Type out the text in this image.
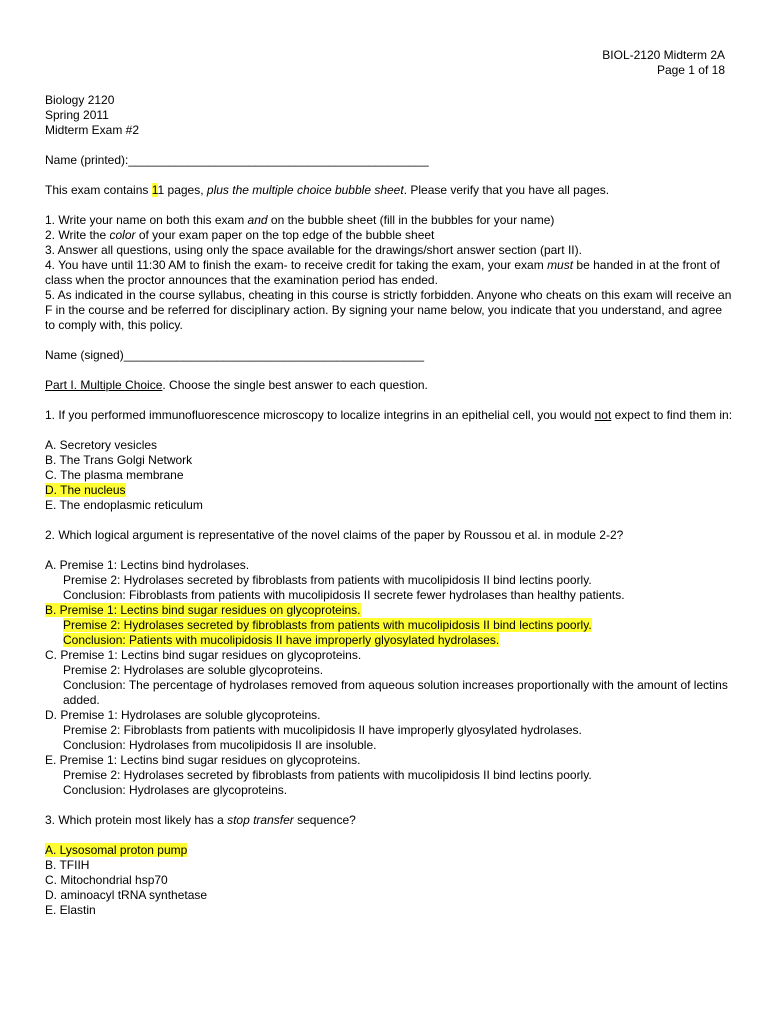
BIOL-2120 Midterm 2A
Page 1 of 18
Biology 2120
Spring 2011
Midterm Exam #2
Name (printed):_____________________________________________
This exam contains 11 pages, plus the multiple choice bubble sheet. Please verify that you have all pages.
1. Write your name on both this exam and on the bubble sheet (fill in the bubbles for your name)
2. Write the color of your exam paper on the top edge of the bubble sheet
3. Answer all questions, using only the space available for the drawings/short answer section (part II).
4. You have until 11:30 AM to finish the exam- to receive credit for taking the exam, your exam must be handed in at the front of class when the proctor announces that the examination period has ended.
5. As indicated in the course syllabus, cheating in this course is strictly forbidden. Anyone who cheats on this exam will receive an F in the course and be referred for disciplinary action. By signing your name below, you indicate that you understand, and agree to comply with, this policy.
Name (signed)_____________________________________________
Part I. Multiple Choice. Choose the single best answer to each question.
1. If you performed immunofluorescence microscopy to localize integrins in an epithelial cell, you would not expect to find them in:
A. Secretory vesicles
B. The Trans Golgi Network
C. The plasma membrane
D. The nucleus
E. The endoplasmic reticulum
2. Which logical argument is representative of the novel claims of the paper by Roussou et al. in module 2-2?
A. Premise 1: Lectins bind hydrolases.
Premise 2: Hydrolases secreted by fibroblasts from patients with mucolipidosis II bind lectins poorly.
Conclusion: Fibroblasts from patients with mucolipidosis II secrete fewer hydrolases than healthy patients.
B. Premise 1: Lectins bind sugar residues on glycoproteins.
Premise 2: Hydrolases secreted by fibroblasts from patients with mucolipidosis II bind lectins poorly.
Conclusion: Patients with mucolipidosis II have improperly glyosylated hydrolases.
C. Premise 1: Lectins bind sugar residues on glycoproteins.
Premise 2: Hydrolases are soluble glycoproteins.
Conclusion: The percentage of hydrolases removed from aqueous solution increases proportionally with the amount of lectins added.
D. Premise 1: Hydrolases are soluble glycoproteins.
Premise 2: Fibroblasts from patients with mucolipidosis II have improperly glyosylated hydrolases.
Conclusion: Hydrolases from mucolipidosis II are insoluble.
E. Premise 1: Lectins bind sugar residues on glycoproteins.
Premise 2: Hydrolases secreted by fibroblasts from patients with mucolipidosis II bind lectins poorly.
Conclusion: Hydrolases are glycoproteins.
3. Which protein most likely has a stop transfer sequence?
A. Lysosomal proton pump
B. TFIIH
C. Mitochondrial hsp70
D. aminoacyl tRNA synthetase
E. Elastin
